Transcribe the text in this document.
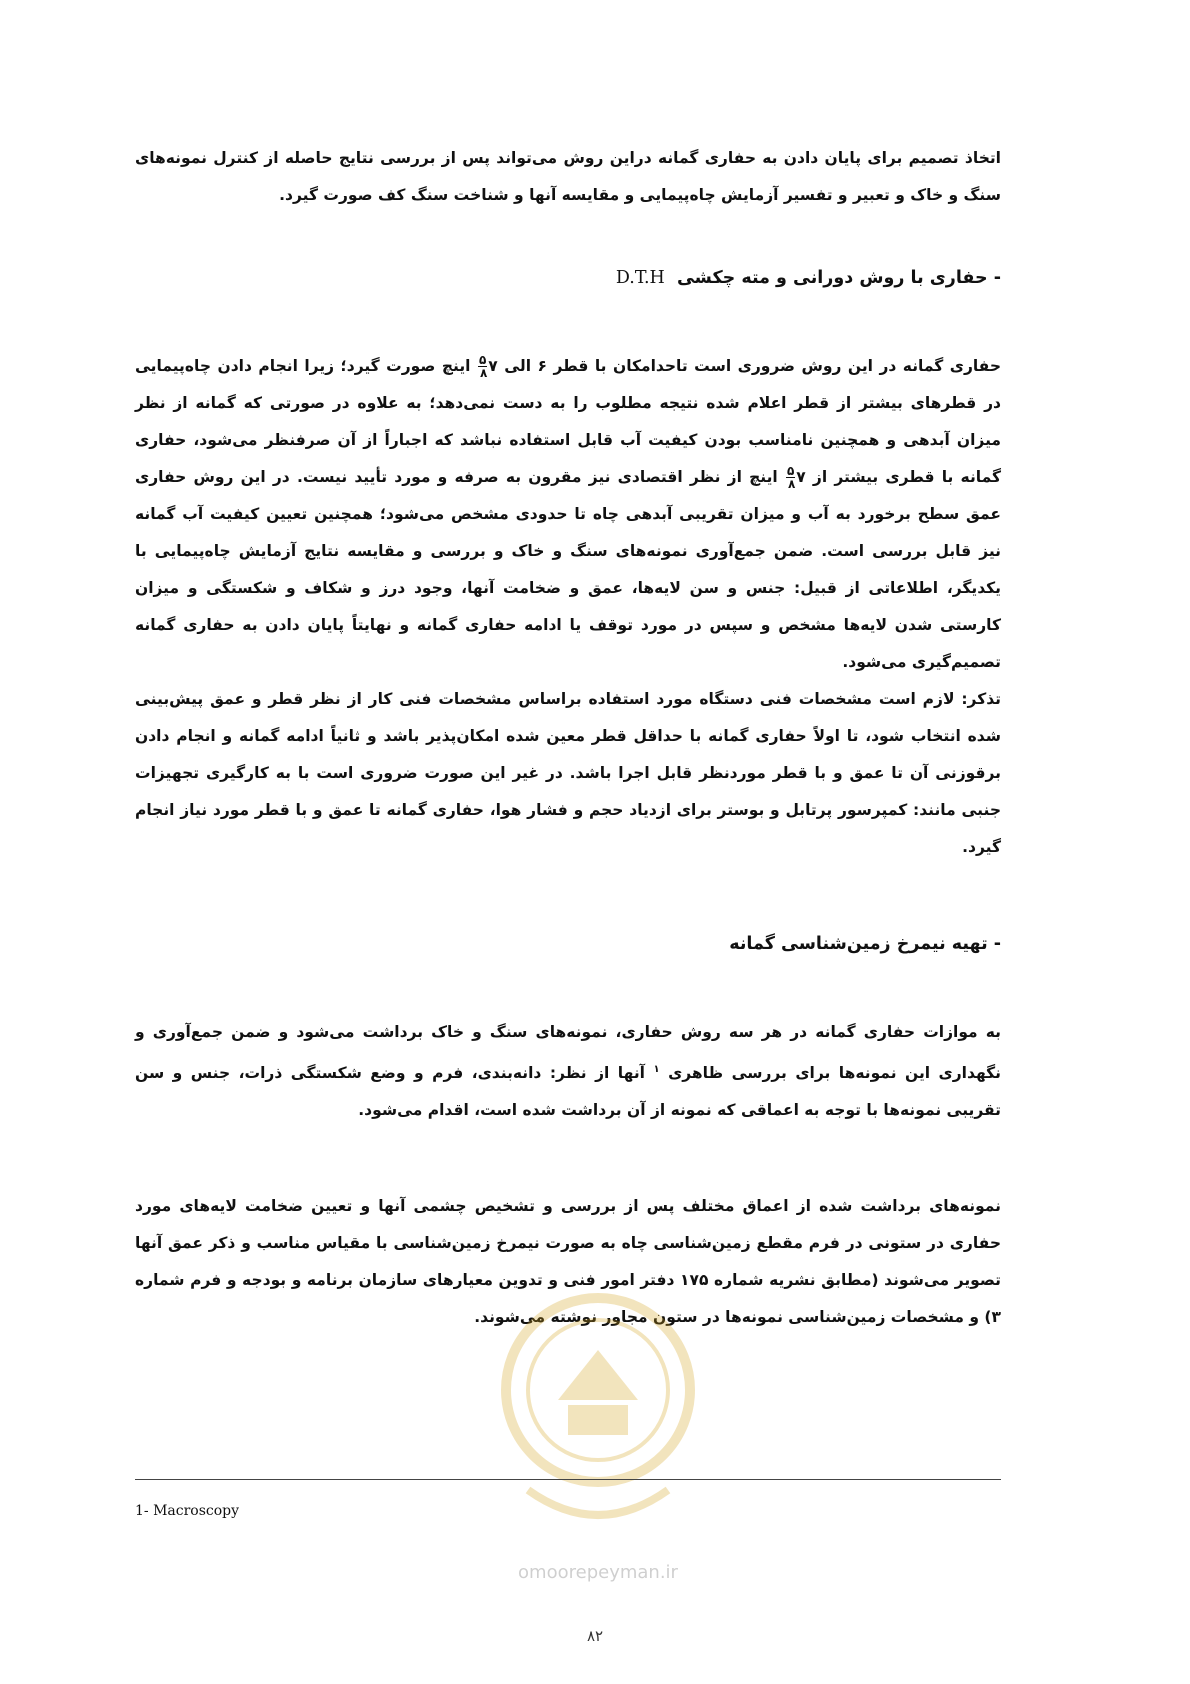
اتخاذ تصمیم برای پایان دادن به حفاری گمانه دراین روش می‌تواند پس از بررسی نتایج حاصله از کنترل نمونه‌های سنگ و خاک و تعبیر و تفسیر آزمایش چاه‌پیمایی و مقایسه آنها و شناخت سنگ کف صورت گیرد.

- حفاری با روش دورانی و مته چکشی  D.T.H

حفاری گمانه در این روش ضروری است تاحدامکان با قطر ۶ الی ۷
$\frac{۵}{۸}$
اینچ صورت گیرد؛ زیرا انجام دادن چاه‌پیمایی در قطرهای بیشتر از قطر اعلام شده نتیجه مطلوب را به دست نمی‌دهد؛ به علاوه در صورتی که گمانه از نظر میزان آبدهی و همچنین نامناسب بودن کیفیت آب قابل استفاده نباشد که اجباراً از آن صرفنظر می‌شود، حفاری گمانه با قطری بیشتر از ۷
$\frac{۵}{۸}$
اینچ از نظر اقتصادی نیز مقرون به صرفه و مورد تأیید نیست. در این روش حفاری عمق سطح برخورد به آب و میزان تقریبی آبدهی چاه تا حدودی مشخص می‌شود؛ همچنین تعیین کیفیت آب گمانه نیز قابل بررسی است. ضمن جمع‌آوری نمونه‌های سنگ و خاک و بررسی و مقایسه نتایج آزمایش چاه‌پیمایی با یکدیگر، اطلاعاتی از قبیل: جنس و سن لایه‌ها، عمق و ضخامت آنها، وجود درز و شکاف و شکستگی و میزان کارستی شدن لایه‌ها مشخص و سپس در مورد توقف یا ادامه حفاری گمانه و نهایتاً پایان دادن به حفاری گمانه تصمیم‌گیری می‌شود.

تذکر: لازم است مشخصات فنی دستگاه مورد استفاده براساس مشخصات فنی کار از نظر قطر و عمق پیش‌بینی شده انتخاب شود، تا اولاً حفاری گمانه با حداقل قطر معین شده امکان‌پذیر باشد و ثانیاً ادامه گمانه و انجام دادن برقوزنی آن تا عمق و با قطر موردنظر قابل اجرا باشد. در غیر این صورت ضروری است با به کارگیری تجهیزات جنبی مانند: کمپرسور پرتابل و بوستر برای ازدیاد حجم و فشار هوا، حفاری گمانه تا عمق و با قطر مورد نیاز انجام گیرد.

- تهیه نیمرخ زمین‌شناسی گمانه

به موازات حفاری گمانه در هر سه روش حفاری، نمونه‌های سنگ و خاک برداشت می‌شود و ضمن جمع‌آوری و نگهداری این نمونه‌ها برای بررسی ظاهری $^۱$ آنها از نظر: دانه‌بندی، فرم و وضع شکستگی ذرات، جنس و سن تقریبی نمونه‌ها با توجه به اعماقی که نمونه از آن برداشت شده است، اقدام می‌شود.

نمونه‌های برداشت شده از اعماق مختلف پس از بررسی و تشخیص چشمی آنها و تعیین ضخامت لایه‌های مورد حفاری در ستونی در فرم مقطع زمین‌شناسی چاه به صورت نیمرخ زمین‌شناسی با مقیاس مناسب و ذکر عمق آنها تصویر می‌شوند (مطابق نشریه شماره ۱۷۵ دفتر امور فنی و تدوین معیارهای سازمان برنامه و بودجه و فرم شماره ۳) و مشخصات زمین‌شناسی نمونه‌ها در ستون مجاور نوشته می‌شوند.

omoorepeyman.ir
1- Macroscopy
۸۲
